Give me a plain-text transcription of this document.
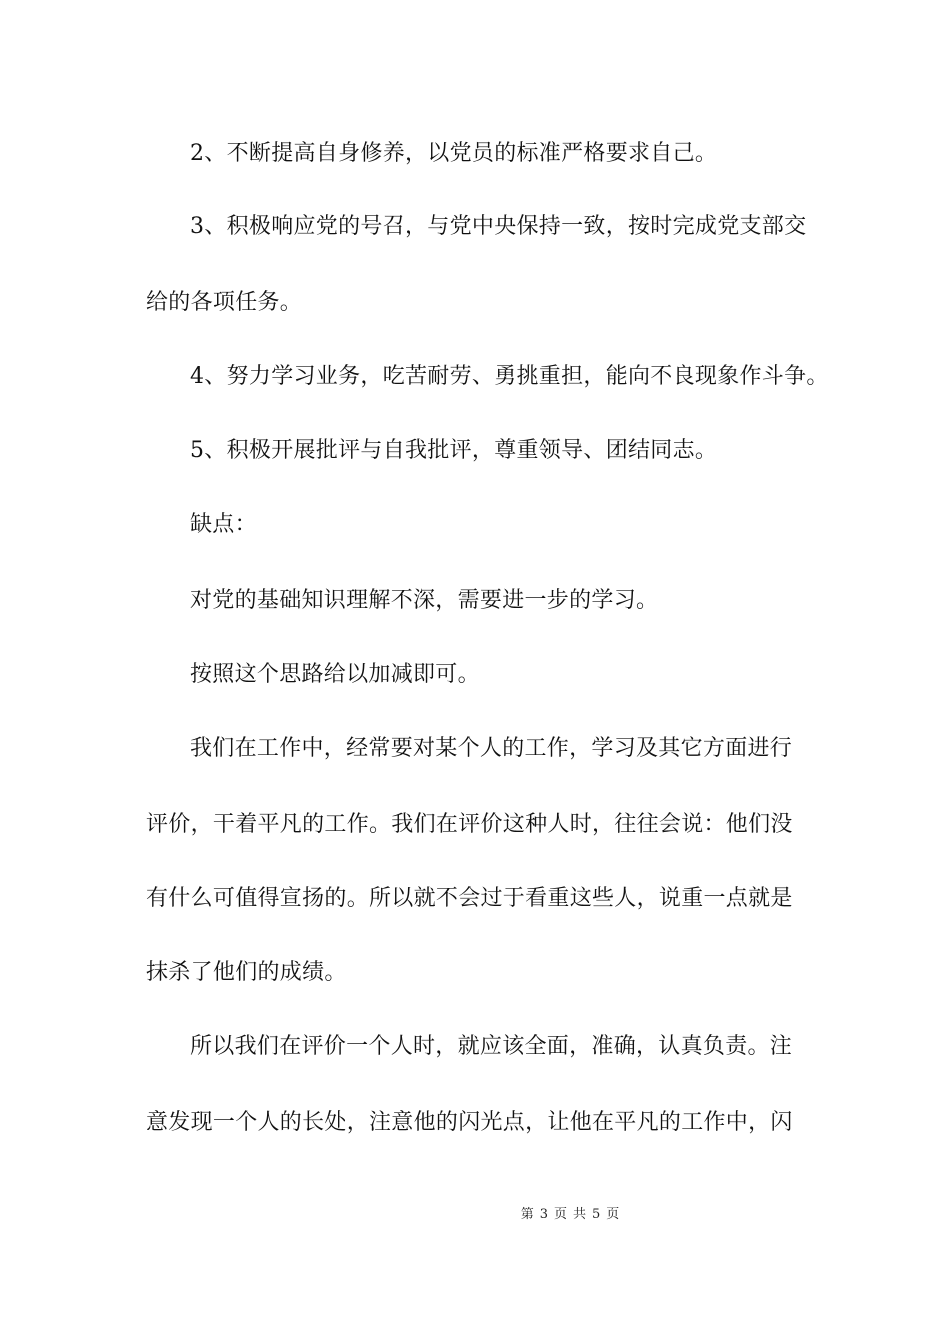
2、不断提高自身修养，以党员的标准严格要求自己。
3、积极响应党的号召，与党中央保持一致，按时完成党支部交
给的各项任务。
4、努力学习业务，吃苦耐劳、勇挑重担，能向不良现象作斗争。
5、积极开展批评与自我批评，尊重领导、团结同志。
缺点：
对党的基础知识理解不深，需要进一步的学习。
按照这个思路给以加减即可。
我们在工作中，经常要对某个人的工作，学习及其它方面进行
评价，干着平凡的工作。我们在评价这种人时，往往会说：他们没
有什么可值得宣扬的。所以就不会过于看重这些人，说重一点就是
抹杀了他们的成绩。
所以我们在评价一个人时，就应该全面，准确，认真负责。注
意发现一个人的长处，注意他的闪光点，让他在平凡的工作中，闪
第 3 页 共 5 页
